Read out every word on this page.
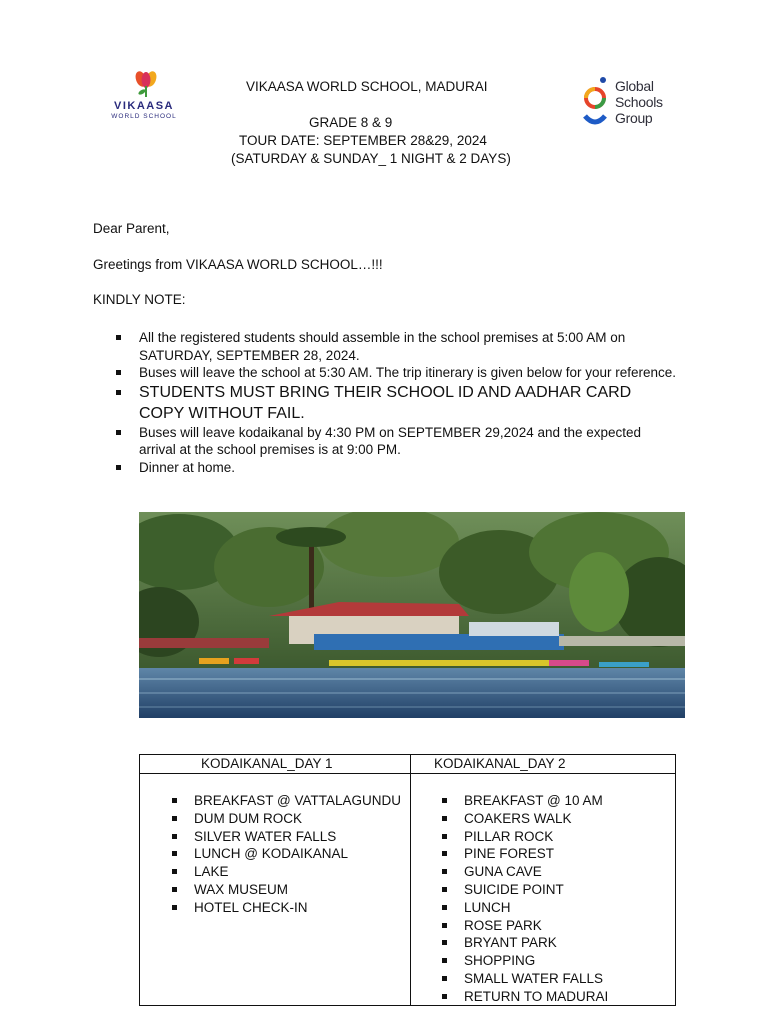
VIKAASA
WORLD SCHOOL
Global
Schools
Group
VIKAASA WORLD SCHOOL, MADURAI
GRADE 8 & 9
TOUR DATE: SEPTEMBER 28&29, 2024
(SATURDAY & SUNDAY_ 1 NIGHT & 2 DAYS)
Dear Parent,
Greetings from VIKAASA WORLD SCHOOL…!!!
KINDLY NOTE:
All the registered students should assemble in the school premises at 5:00 AM on SATURDAY, SEPTEMBER 28, 2024.
Buses will leave the school at 5:30 AM. The trip itinerary is given below for your reference.
STUDENTS MUST BRING THEIR SCHOOL ID AND AADHAR CARD COPY WITHOUT FAIL.
Buses will leave kodaikanal by 4:30 PM on SEPTEMBER 29,2024 and the expected arrival at the school premises is at 9:00 PM.
Dinner at home.
KODAIKANAL_DAY 1	KODAIKANAL_DAY 2
BREAKFAST @ VATTALAGUNDU
DUM DUM ROCK
SILVER WATER FALLS
LUNCH @ KODAIKANAL
LAKE
WAX MUSEUM
HOTEL CHECK-IN
BREAKFAST @ 10 AM
COAKERS WALK
PILLAR ROCK
PINE FOREST
GUNA CAVE
SUICIDE POINT
LUNCH
ROSE PARK
BRYANT PARK
SHOPPING
SMALL WATER FALLS
RETURN TO MADURAI
